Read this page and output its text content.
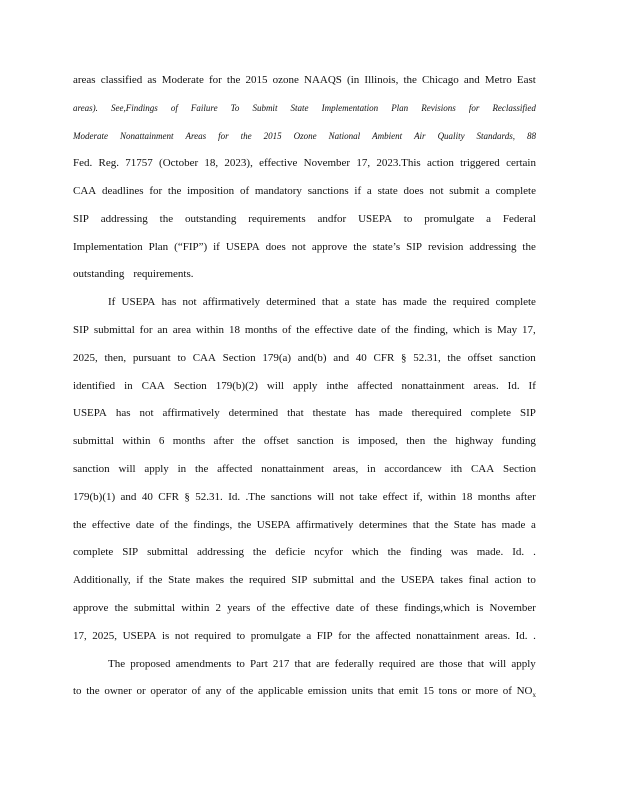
areas classified as Moderate for the 2015 ozone NAAQS (in Illinois, the Chicago and Metro East
areas). See,Findings of Failure To Submit State Implementation Plan Revisions for Reclassified
Moderate Nonattainment Areas for the 2015 Ozone National Ambient Air Quality Standards, 88
Fed. Reg. 71757 (October 18, 2023), effective November 17, 2023.This action triggered certain
CAA deadlines for the imposition of mandatory sanctions if a state does not submit a complete
SIP addressing the outstanding requirements andfor USEPA to promulgate a Federal
Implementation Plan (“FIP”) if USEPA does not approve the state’s SIP revision addressing the
outstanding requirements.
If USEPA has not affirmatively determined that a state has made the required complete
SIP submittal for an area within 18 months of the effective date of the finding, which is May 17,
2025, then, pursuant to CAA Section 179(a) and(b) and 40 CFR § 52.31, the offset sanction
identified in CAA Section 179(b)(2) will apply inthe affected nonattainment areas. Id. If
USEPA has not affirmatively determined that thestate has made therequired complete SIP
submittal within 6 months after the offset sanction is imposed, then the highway funding
sanction will apply in the affected nonattainment areas, in accordancew ith CAA Section
179(b)(1) and 40 CFR § 52.31. Id. .The sanctions will not take effect if, within 18 months after
the effective date of the findings, the USEPA affirmatively determines that the State has made a
complete SIP submittal addressing the deficie ncyfor which the finding was made. Id. .
Additionally, if the State makes the required SIP submittal and the USEPA takes final action to
approve the submittal within 2 years of the effective date of these findings,which is November
17, 2025, USEPA is not required to promulgate a FIP for the affected nonattainment areas. Id. .
The proposed amendments to Part 217 that are federally required are those that will apply
to the owner or operator of any of the applicable emission units that emit 15 tons or more of $NO_x$
